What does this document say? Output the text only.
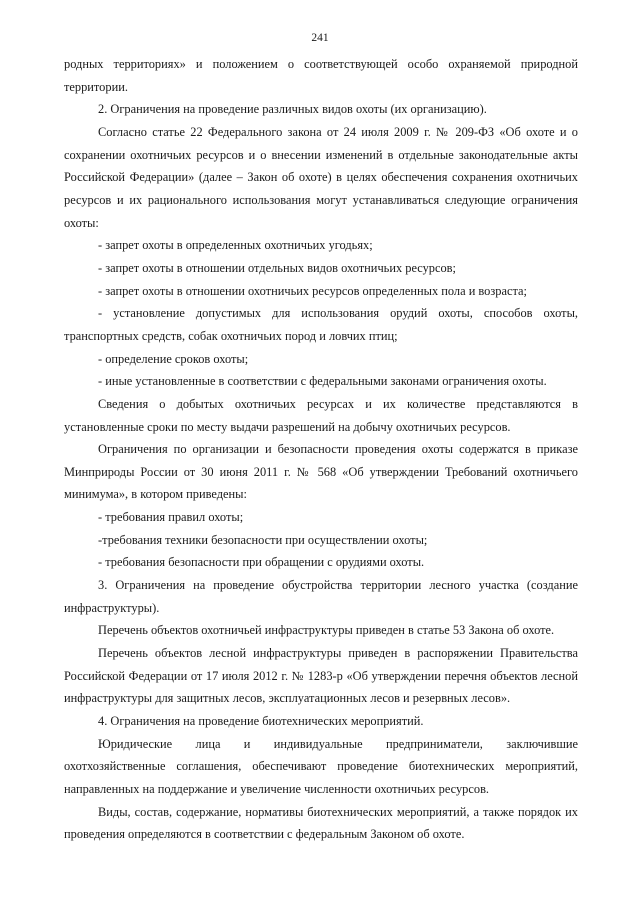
241

родных территориях» и положением о соответствующей особо охраняемой природной территории.

2. Ограничения на проведение различных видов охоты (их организацию).

Согласно статье 22 Федерального закона от 24 июля 2009 г. № 209-ФЗ «Об охоте и о сохранении охотничьих ресурсов и о внесении изменений в отдельные законодательные акты Российской Федерации» (далее – Закон об охоте) в целях обеспечения сохранения охотничьих ресурсов и их рационального использования могут устанавливаться следующие ограничения охоты:

- запрет охоты в определенных охотничьих угодьях;

- запрет охоты в отношении отдельных видов охотничьих ресурсов;

- запрет охоты в отношении охотничьих ресурсов определенных пола и возраста;

- установление допустимых для использования орудий охоты, способов охоты, транспортных средств, собак охотничьих пород и ловчих птиц;

- определение сроков охоты;

- иные установленные в соответствии с федеральными законами ограничения охоты.

Сведения о добытых охотничьих ресурсах и их количестве представляются в установленные сроки по месту выдачи разрешений на добычу охотничьих ресурсов.

Ограничения по организации и безопасности проведения охоты содержатся в приказе Минприроды России от 30 июня 2011 г. № 568 «Об утверждении Требований охотничьего минимума», в котором приведены:

- требования правил охоты;

-требования техники безопасности при осуществлении охоты;

- требования безопасности при обращении с орудиями охоты.

3. Ограничения на проведение обустройства территории лесного участка (создание инфраструктуры).

Перечень объектов охотничьей инфраструктуры приведен в статье 53 Закона об охоте.

Перечень объектов лесной инфраструктуры приведен в распоряжении Правительства Российской Федерации от 17 июля 2012 г. № 1283-р «Об утверждении перечня объектов лесной инфраструктуры для защитных лесов, эксплуатационных лесов и резервных лесов».

4. Ограничения на проведение биотехнических мероприятий.

Юридические лица и индивидуальные предприниматели, заключившие охотхозяйственные соглашения, обеспечивают проведение биотехнических мероприятий, направленных на поддержание и увеличение численности охотничьих ресурсов.

Виды, состав, содержание, нормативы биотехнических мероприятий, а также порядок их проведения определяются в соответствии с федеральным Законом об охоте.
